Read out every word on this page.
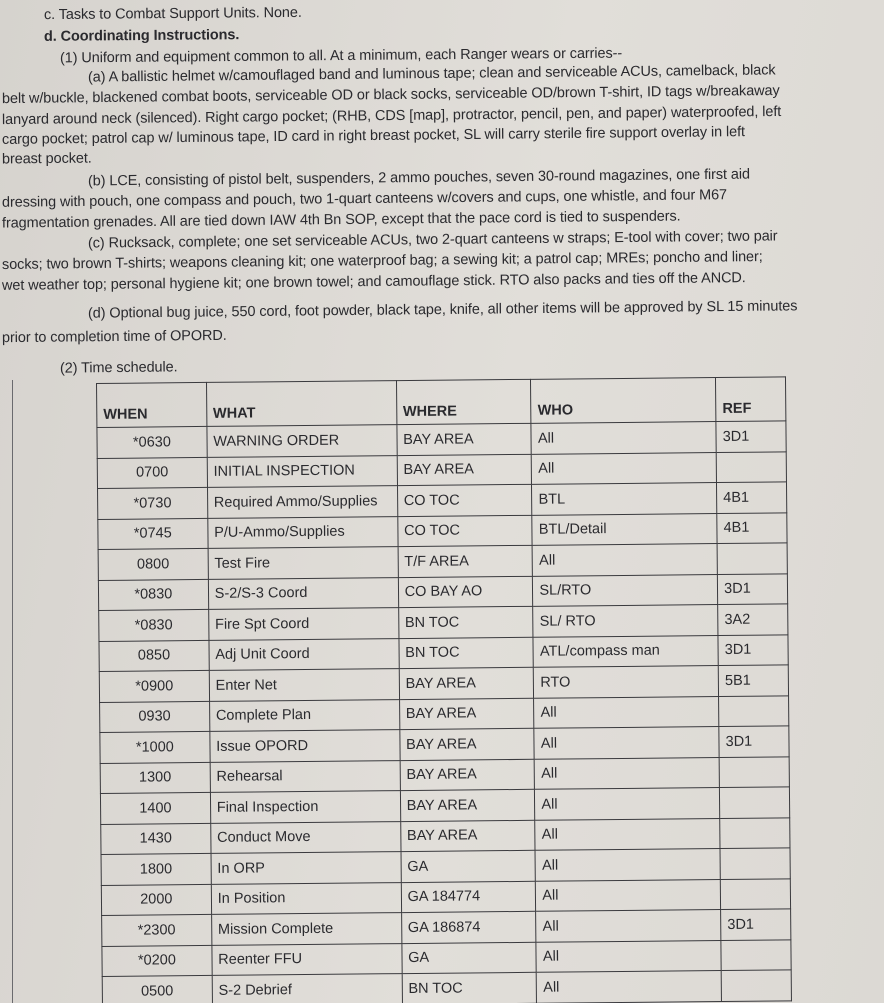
c. Tasks to Combat Support Units. None.
d. Coordinating Instructions.
(1) Uniform and equipment common to all. At a minimum, each Ranger wears or carries--
(a) A ballistic helmet w/camouflaged band and luminous tape; clean and serviceable ACUs, camelback, black
belt w/buckle, blackened combat boots, serviceable OD or black socks, serviceable OD/brown T-shirt, ID tags w/breakaway
lanyard around neck (silenced). Right cargo pocket; (RHB, CDS [map], protractor, pencil, pen, and paper) waterproofed, left
cargo pocket; patrol cap w/ luminous tape, ID card in right breast pocket, SL will carry sterile fire support overlay in left
breast pocket.
(b) LCE, consisting of pistol belt, suspenders, 2 ammo pouches, seven 30-round magazines, one first aid
dressing with pouch, one compass and pouch, two 1-quart canteens w/covers and cups, one whistle, and four M67
fragmentation grenades. All are tied down IAW 4th Bn SOP, except that the pace cord is tied to suspenders.
(c) Rucksack, complete; one set serviceable ACUs, two 2-quart canteens w straps; E-tool with cover; two pair
socks; two brown T-shirts; weapons cleaning kit; one waterproof bag; a sewing kit; a patrol cap; MREs; poncho and liner;
wet weather top; personal hygiene kit; one brown towel; and camouflage stick. RTO also packs and ties off the ANCD.
(d) Optional bug juice, 550 cord, foot powder, black tape, knife, all other items will be approved by SL 15 minutes
prior to completion time of OPORD.
(2) Time schedule.
WHEN	WHAT	WHERE	WHO	REF
*0630	WARNING ORDER	BAY AREA	All	3D1
0700	INITIAL INSPECTION	BAY AREA	All	
*0730	Required Ammo/Supplies	CO TOC	BTL	4B1
*0745	P/U-Ammo/Supplies	CO TOC	BTL/Detail	4B1
0800	Test Fire	T/F AREA	All	
*0830	S-2/S-3 Coord	CO BAY AO	SL/RTO	3D1
*0830	Fire Spt Coord	BN TOC	SL/ RTO	3A2
0850	Adj Unit Coord	BN TOC	ATL/compass man	3D1
*0900	Enter Net	BAY AREA	RTO	5B1
0930	Complete Plan	BAY AREA	All	
*1000	Issue OPORD	BAY AREA	All	3D1
1300	Rehearsal	BAY AREA	All	
1400	Final Inspection	BAY AREA	All	
1430	Conduct Move	BAY AREA	All	
1800	In ORP	GA	All	
2000	In Position	GA 184774	All	
*2300	Mission Complete	GA 186874	All	3D1
*0200	Reenter FFU	GA	All	
0500	S-2 Debrief	BN TOC	All	
